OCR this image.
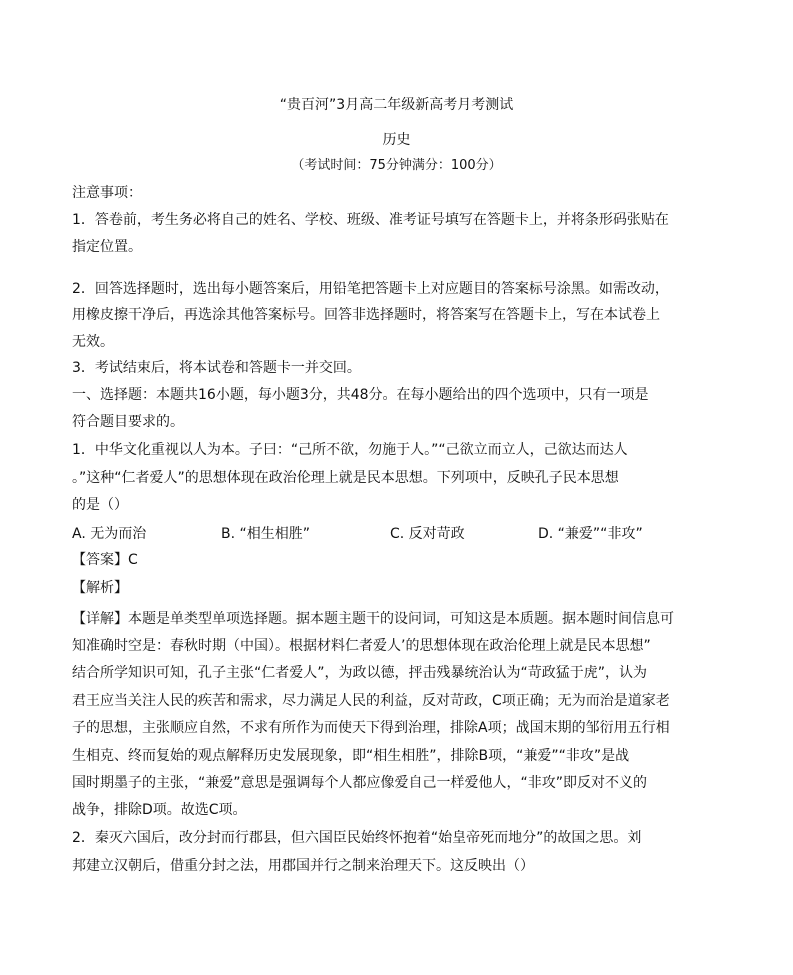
“贵百河”3月高二年级新高考月考测试
历史
（考试时间：75分钟满分：100分）
注意事项：
1．答卷前，考生务必将自己的姓名、学校、班级、准考证号填写在答题卡上，并将条形码张贴在
指定位置。
2．回答选择题时，选出每小题答案后，用铅笔把答题卡上对应题目的答案标号涂黑。如需改动，
用橡皮擦干净后，再选涂其他答案标号。回答非选择题时，将答案写在答题卡上，写在本试卷上
无效。
3．考试结束后，将本试卷和答题卡一并交回。
一、选择题：本题共16小题，每小题3分，共48分。在每小题给出的四个选项中，只有一项是
符合题目要求的。
1．中华文化重视以人为本。子曰：“己所不欲，勿施于人。”“己欲立而立人，己欲达而达人
。”这种“仁者爱人”的思想体现在政治伦理上就是民本思想。下列项中，反映孔子民本思想
的是（）
A. 无为而治	B. “相生相胜”	C. 反对苛政	D. “兼爱”“非攻”
【答案】C
【解析】
【详解】本题是单类型单项选择题。据本题主题干的设问词，可知这是本质题。据本题时间信息可
知准确时空是：春秋时期（中国）。根据材料仁者爱人’的思想体现在政治伦理上就是民本思想”
结合所学知识可知，孔子主张“仁者爱人”，为政以德，抨击残暴统治认为“苛政猛于虎”，认为
君王应当关注人民的疾苦和需求，尽力满足人民的利益，反对苛政，C项正确；无为而治是道家老
子的思想，主张顺应自然，不求有所作为而使天下得到治理，排除A项；战国末期的邹衍用五行相
生相克、终而复始的观点解释历史发展现象，即“相生相胜”，排除B项，“兼爱”“非攻”是战
国时期墨子的主张，“兼爱”意思是强调每个人都应像爱自己一样爱他人，“非攻”即反对不义的
战争，排除D项。故选C项。
2．秦灭六国后，改分封而行郡县，但六国臣民始终怀抱着“始皇帝死而地分”的故国之思。刘
邦建立汉朝后，借重分封之法，用郡国并行之制来治理天下。这反映出（）
